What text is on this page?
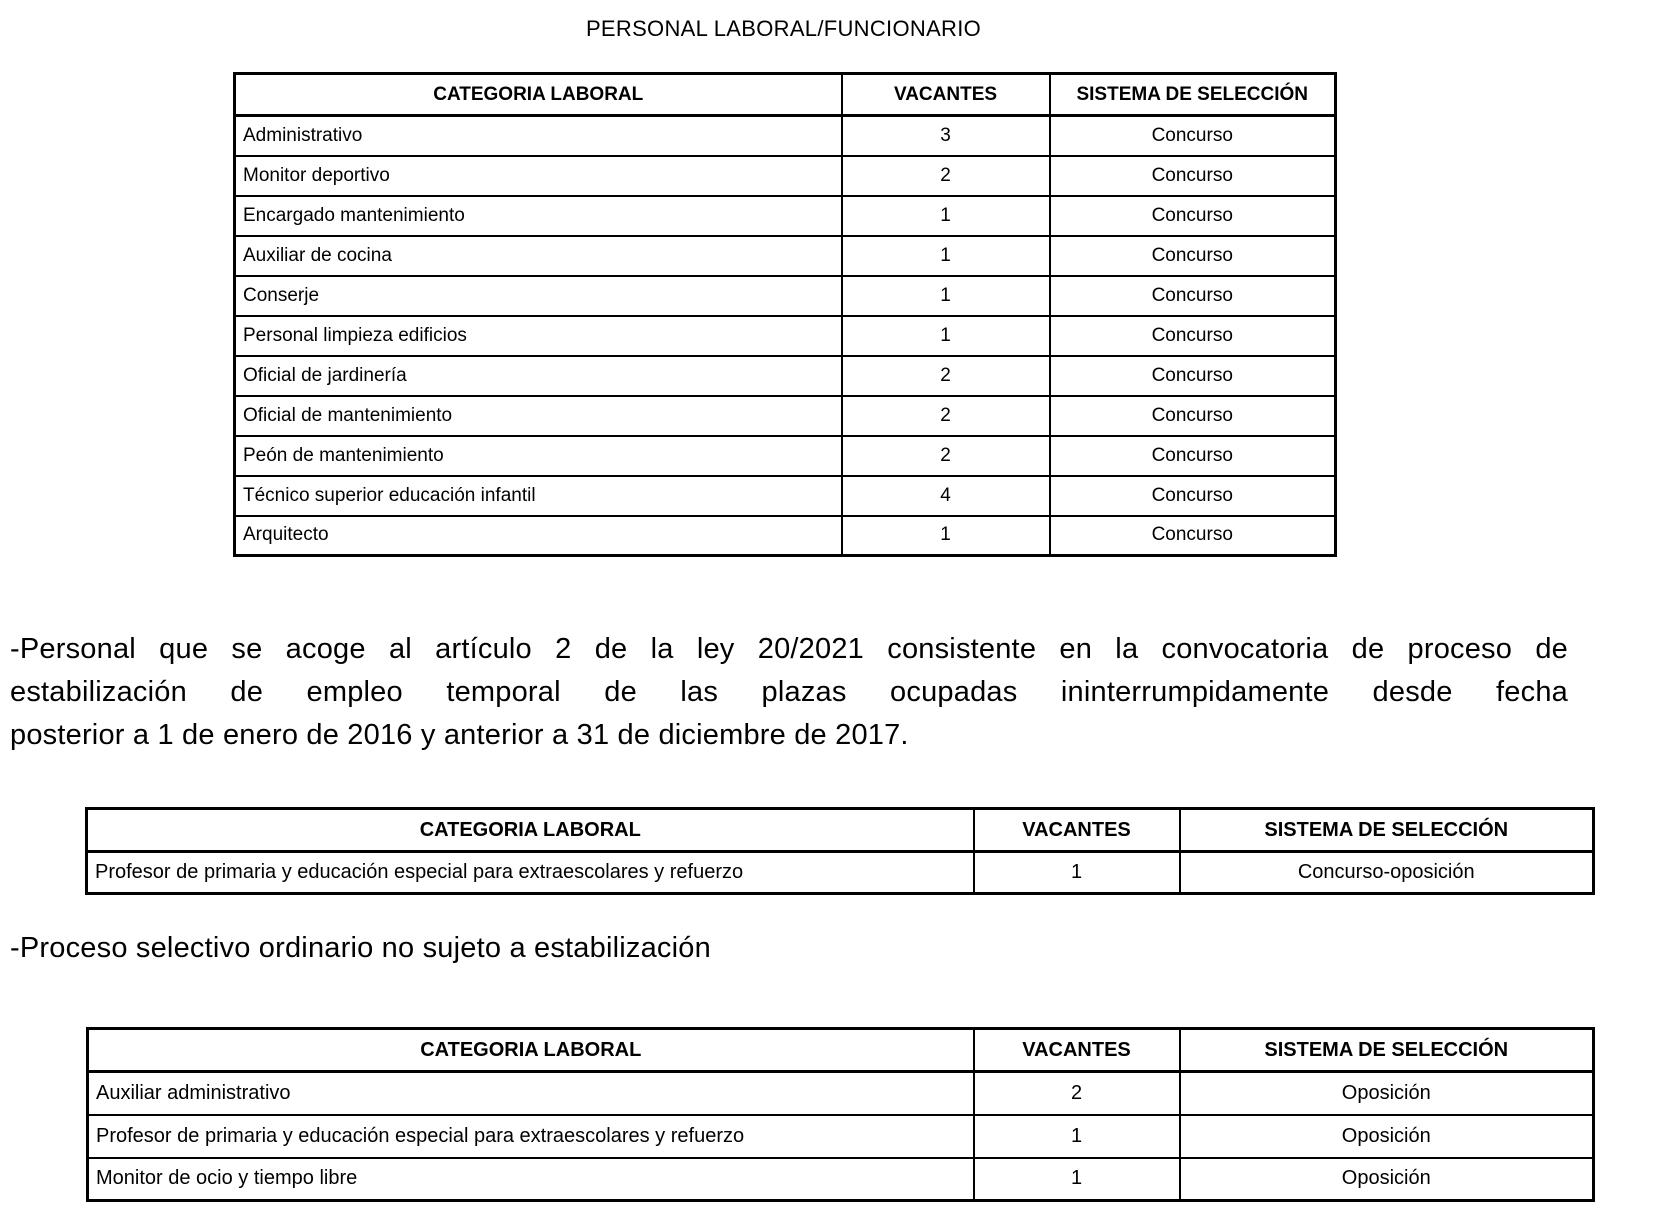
PERSONAL LABORAL/FUNCIONARIO
CATEGORIA LABORAL	VACANTES	SISTEMA DE SELECCIÓN
Administrativo	3	Concurso
Monitor deportivo	2	Concurso
Encargado mantenimiento	1	Concurso
Auxiliar de cocina	1	Concurso
Conserje	1	Concurso
Personal limpieza edificios	1	Concurso
Oficial de jardinería	2	Concurso
Oficial de mantenimiento	2	Concurso
Peón de mantenimiento	2	Concurso
Técnico superior educación infantil	4	Concurso
Arquitecto	1	Concurso
-Personal que se acoge al artículo 2 de la ley 20/2021 consistente en la convocatoria de proceso de
estabilización de empleo temporal de las plazas ocupadas ininterrumpidamente desde fecha
posterior a 1 de enero de 2016 y anterior a 31 de diciembre de 2017.
CATEGORIA LABORAL	VACANTES	SISTEMA DE SELECCIÓN
Profesor de primaria y educación especial para extraescolares y refuerzo	1	Concurso-oposición
-Proceso selectivo ordinario no sujeto a estabilización
CATEGORIA LABORAL	VACANTES	SISTEMA DE SELECCIÓN
Auxiliar administrativo	2	Oposición
Profesor de primaria y educación especial para extraescolares y refuerzo	1	Oposición
Monitor de ocio y tiempo libre	1	Oposición
